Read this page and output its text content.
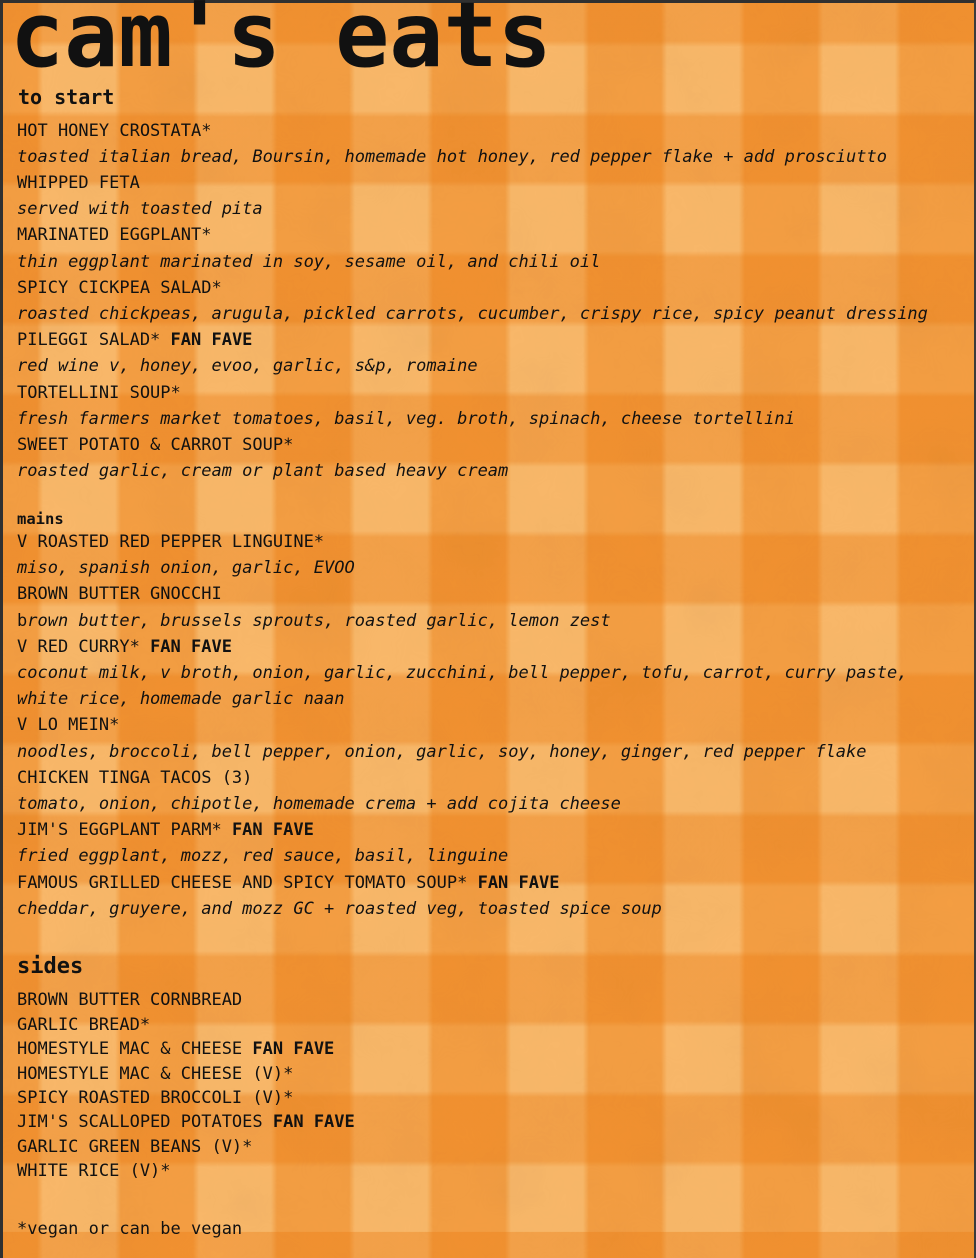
cam's eats
to start
HOT HONEY CROSTATA*
toasted italian bread, Boursin, homemade hot honey, red pepper flake + add prosciutto
WHIPPED FETA
served with toasted pita
MARINATED EGGPLANT*
thin eggplant marinated in soy, sesame oil, and chili oil
SPICY CICKPEA SALAD*
roasted chickpeas, arugula, pickled carrots, cucumber, crispy rice, spicy peanut dressing
PILEGGI SALAD* FAN FAVE
red wine v, honey, evoo, garlic, s&p, romaine
TORTELLINI SOUP*
fresh farmers market tomatoes, basil, veg. broth, spinach, cheese tortellini
SWEET POTATO & CARROT SOUP*
roasted garlic, cream or plant based heavy cream
mains
V ROASTED RED PEPPER LINGUINE*
miso, spanish onion, garlic, EVOO
BROWN BUTTER GNOCCHI
brown butter, brussels sprouts, roasted garlic, lemon zest
V RED CURRY* FAN FAVE
coconut milk, v broth, onion, garlic, zucchini, bell pepper, tofu, carrot, curry paste, white rice, homemade garlic naan
V LO MEIN*
noodles, broccoli, bell pepper, onion, garlic, soy, honey, ginger, red pepper flake
CHICKEN TINGA TACOS (3)
tomato, onion, chipotle, homemade crema + add cojita cheese
JIM'S EGGPLANT PARM* FAN FAVE
fried eggplant, mozz, red sauce, basil, linguine
FAMOUS GRILLED CHEESE AND SPICY TOMATO SOUP* FAN FAVE
cheddar, gruyere, and mozz GC + roasted veg, toasted spice soup
sides
BROWN BUTTER CORNBREAD
GARLIC BREAD*
HOMESTYLE MAC & CHEESE FAN FAVE
HOMESTYLE MAC & CHEESE (V)*
SPICY ROASTED BROCCOLI (V)*
JIM'S SCALLOPED POTATOES FAN FAVE
GARLIC GREEN BEANS (V)*
WHITE RICE (V)*

*vegan or can be vegan
